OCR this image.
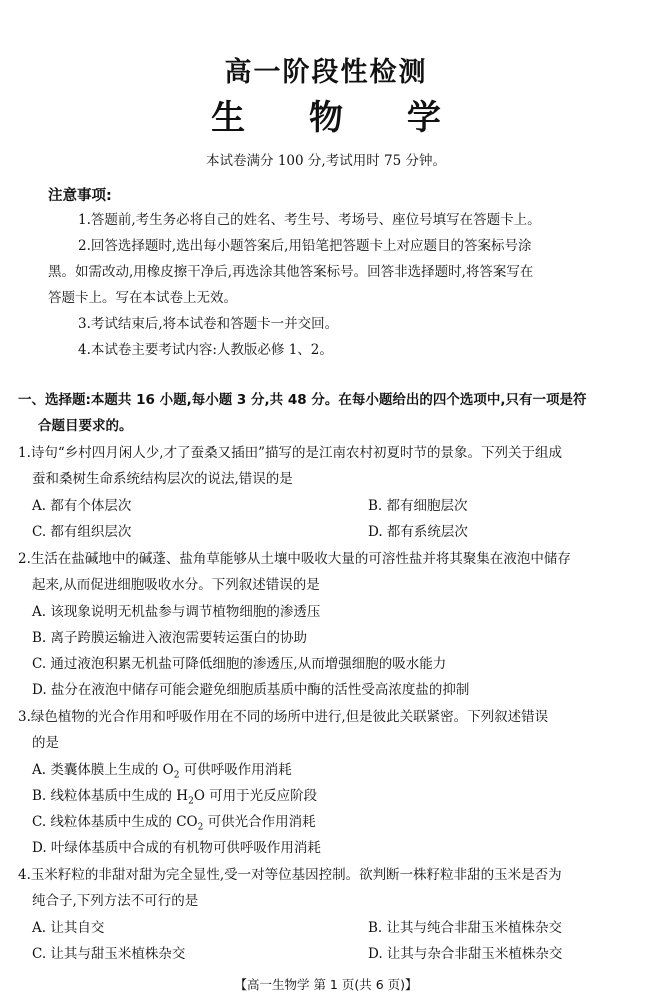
高一阶段性检测
生 物 学
本试卷满分 100 分,考试用时 75 分钟。
注意事项:
1.答题前,考生务必将自己的姓名、考生号、考场号、座位号填写在答题卡上。
2.回答选择题时,选出每小题答案后,用铅笔把答题卡上对应题目的答案标号涂
黑。如需改动,用橡皮擦干净后,再选涂其他答案标号。回答非选择题时,将答案写在
答题卡上。写在本试卷上无效。
3.考试结束后,将本试卷和答题卡一并交回。
4.本试卷主要考试内容:人教版必修 1、2。
一、选择题:本题共 16 小题,每小题 3 分,共 48 分。在每小题给出的四个选项中,只有一项是符
合题目要求的。
1.诗句“乡村四月闲人少,才了蚕桑又插田”描写的是江南农村初夏时节的景象。下列关于组成
蚕和桑树生命系统结构层次的说法,错误的是
A. 都有个体层次	B. 都有细胞层次
C. 都有组织层次	D. 都有系统层次
2.生活在盐碱地中的碱蓬、盐角草能够从土壤中吸收大量的可溶性盐并将其聚集在液泡中储存
起来,从而促进细胞吸收水分。下列叙述错误的是
A. 该现象说明无机盐参与调节植物细胞的渗透压
B. 离子跨膜运输进入液泡需要转运蛋白的协助
C. 通过液泡积累无机盐可降低细胞的渗透压,从而增强细胞的吸水能力
D. 盐分在液泡中储存可能会避免细胞质基质中酶的活性受高浓度盐的抑制
3.绿色植物的光合作用和呼吸作用在不同的场所中进行,但是彼此关联紧密。下列叙述错误
的是
A. 类囊体膜上生成的 $O_2$ 可供呼吸作用消耗
B. 线粒体基质中生成的 $H_2O$ 可用于光反应阶段
C. 线粒体基质中生成的 $CO_2$ 可供光合作用消耗
D. 叶绿体基质中合成的有机物可供呼吸作用消耗
4.玉米籽粒的非甜对甜为完全显性,受一对等位基因控制。欲判断一株籽粒非甜的玉米是否为
纯合子,下列方法不可行的是
A. 让其自交	B. 让其与纯合非甜玉米植株杂交
C. 让其与甜玉米植株杂交	D. 让其与杂合非甜玉米植株杂交
【高一生物学 第 1 页(共 6 页)】
